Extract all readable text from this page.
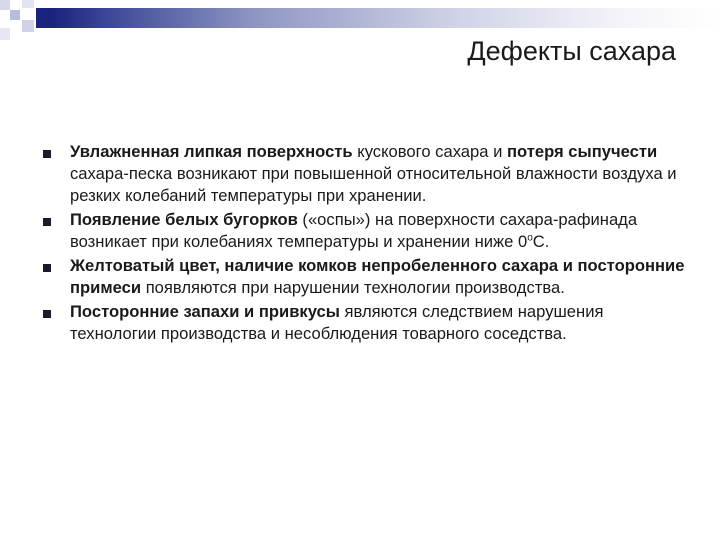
Дефекты сахара
Увлажненная липкая поверхность кускового сахара и потеря сыпучести сахара-песка возникают при повышенной относительной влажности воздуха и резких колебаний температуры при хранении.
Появление белых бугорков («оспы») на поверхности сахара-рафинада возникает при колебаниях температуры и хранении ниже $0^оС$.
Желтоватый цвет, наличие комков непробеленного сахара и посторонние примеси появляются при нарушении технологии производства.
Посторонние запахи и привкусы являются следствием нарушения технологии производства и несоблюдения товарного соседства.
